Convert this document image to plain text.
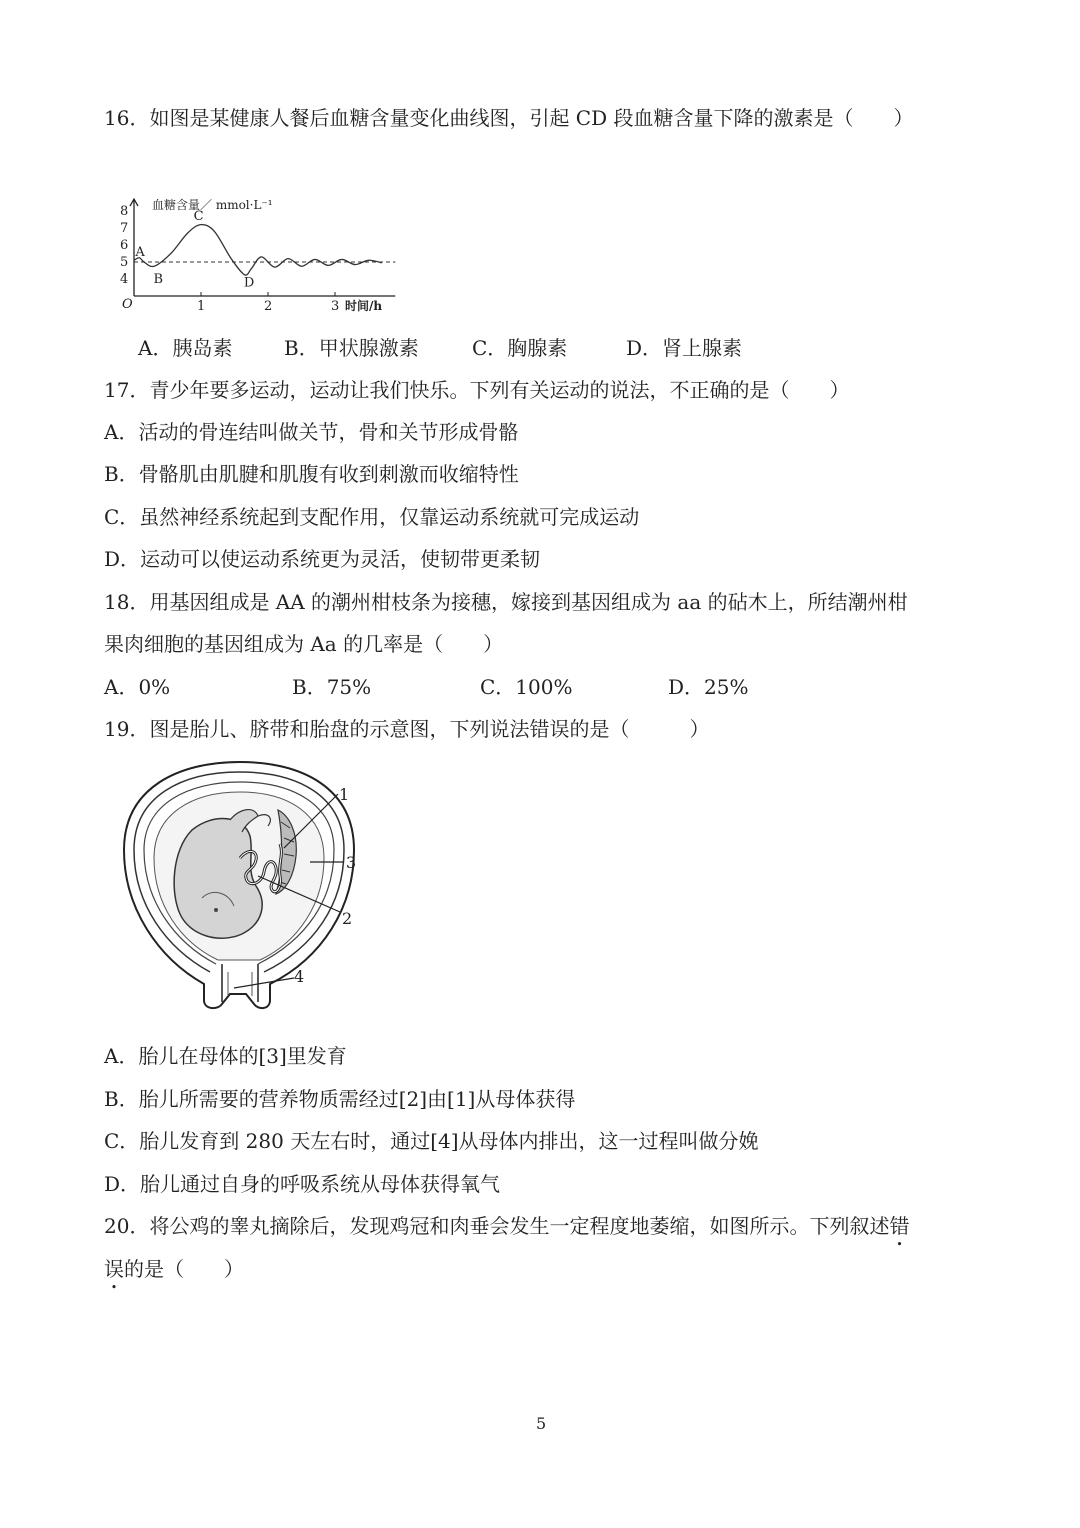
16．如图是某健康人餐后血糖含量变化曲线图，引起 CD 段血糖含量下降的激素是（　　）
1	2	3
4
5
6
7
8
O
血糖含量／ mmol·L⁻¹
时间/h
A
B
C
D
A．胰岛素	B．甲状腺激素	C．胸腺素	D．肾上腺素
17．青少年要多运动，运动让我们快乐。下列有关运动的说法，不正确的是（　　）
A．活动的骨连结叫做关节，骨和关节形成骨骼
B．骨骼肌由肌腱和肌腹有收到刺激而收缩特性
C．虽然神经系统起到支配作用，仅靠运动系统就可完成运动
D．运动可以使运动系统更为灵活，使韧带更柔韧
18．用基因组成是 AA 的潮州柑枝条为接穗，嫁接到基因组成为 aa 的砧木上，所结潮州柑
果肉细胞的基因组成为 Aa 的几率是（　　）
A．0%	B．75%	C．100%	D．25%
19．图是胎儿、脐带和胎盘的示意图，下列说法错误的是（　　　）
1
3
2
4
A．胎儿在母体的[3]里发育
B．胎儿所需要的营养物质需经过[2]由[1]从母体获得
C．胎儿发育到 280 天左右时，通过[4]从母体内排出，这一过程叫做分娩
D．胎儿通过自身的呼吸系统从母体获得氧气
20．将公鸡的睾丸摘除后，发现鸡冠和肉垂会发生一定程度地萎缩，如图所示。下列叙述错
误的是（　　）
5
